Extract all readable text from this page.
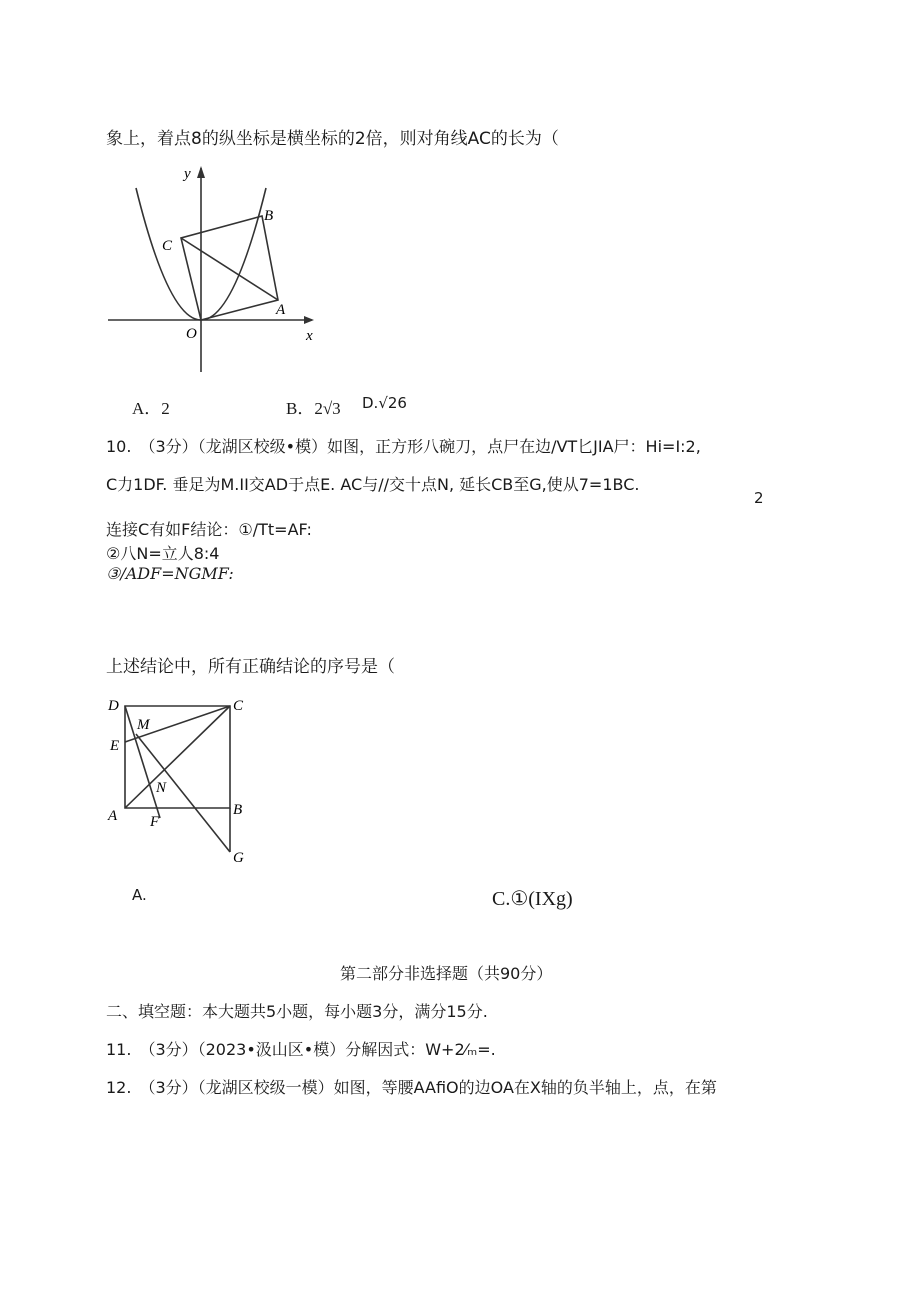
象上，着点8的纵坐标是横坐标的2倍，则对角线AC的长为（
y
x
B
C
A
O
A．2	B．2√3 D.√26
10.　（3分）（龙湖区校级•模）如图，正方形八碗刀，点尸在边/VT匕JIA尸：Hi=I:2,
C力1DF. 垂足为M.II交AD于点E. AC与//交十点N, 延长CB至G,使从7=1BC.
2
连接C有如F结论：①/Tt=AF:
②八N=立人8:4
③/ADF=NGMF:
上述结论中，所有正确结论的序号是（
D	C
M
E
N
A F
B
G
A.	C.①(IXg)
第二部分非选择题（共90分）
二、填空题：本大题共5小题，每小题3分，满分15分.
11.　（3分）（2023•汲山区•模）分解因式：W+2⁄ₘ=.
12.　（3分）（龙湖区校级一模）如图，等腰AAfiO的边OA在X轴的负半轴上，点，在第
